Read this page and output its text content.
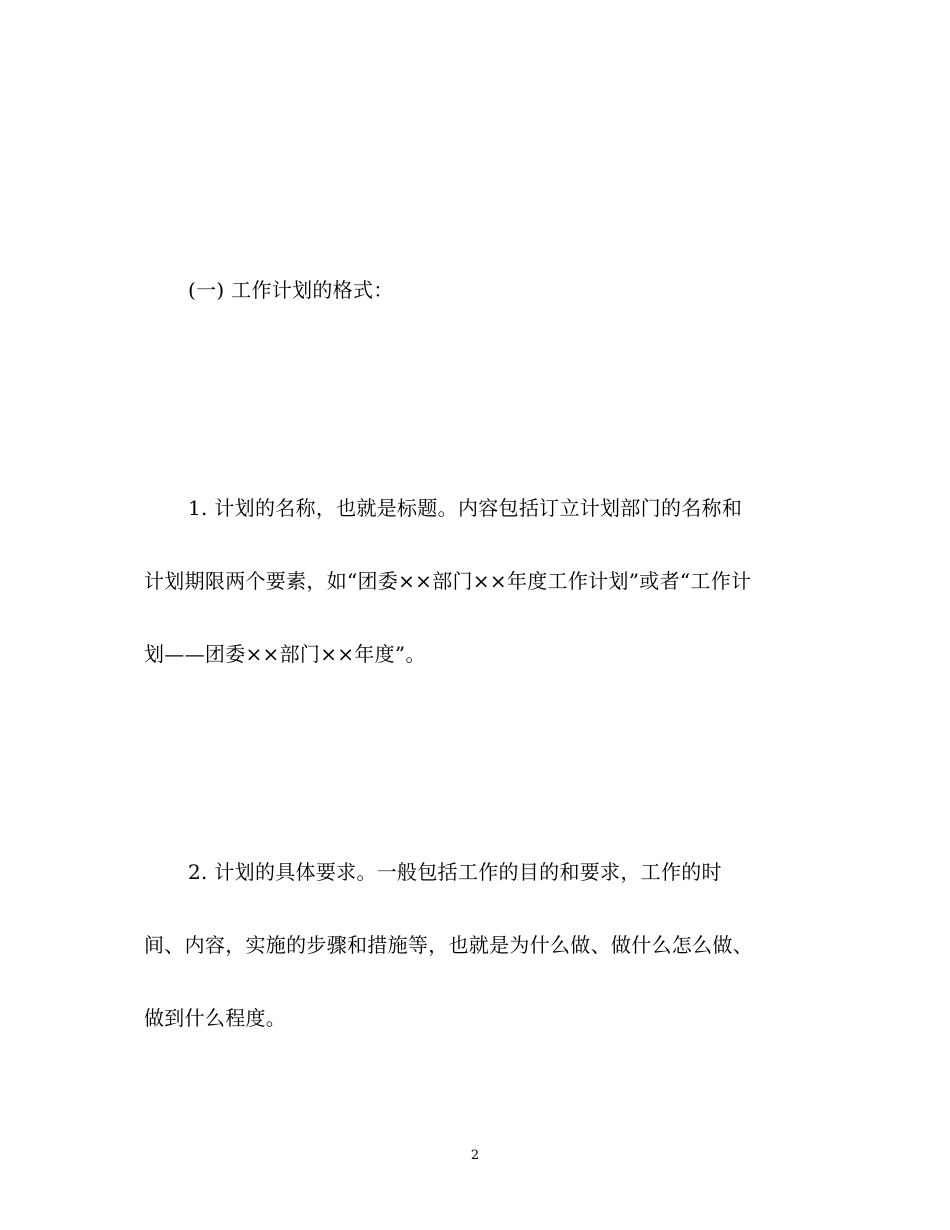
(一) 工作计划的格式：
1. 计划的名称，也就是标题。内容包括订立计划部门的名称和
计划期限两个要素，如“团委××部门××年度工作计划”或者“工作计
划——团委××部门××年度”。
2. 计划的具体要求。一般包括工作的目的和要求，工作的时
间、内容，实施的步骤和措施等，也就是为什么做、做什么怎么做、
做到什么程度。
2
